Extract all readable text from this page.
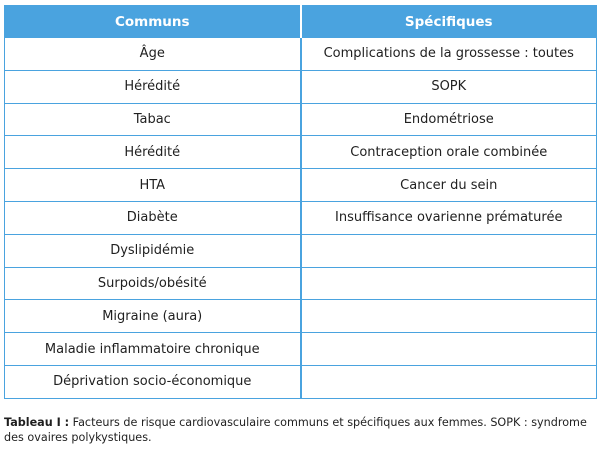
Communs	Spécifiques
Âge	Complications de la grossesse : toutes
Hérédité	SOPK
Tabac	Endométriose
Hérédité	Contraception orale combinée
HTA	Cancer du sein
Diabète	Insuffisance ovarienne prématurée
Dyslipidémie	
Surpoids/obésité	
Migraine (aura)	
Maladie inflammatoire chronique	
Déprivation socio-économique	
Tableau I : Facteurs de risque cardiovasculaire communs et spécifiques aux femmes. SOPK : syndrome des ovaires polykystiques.
